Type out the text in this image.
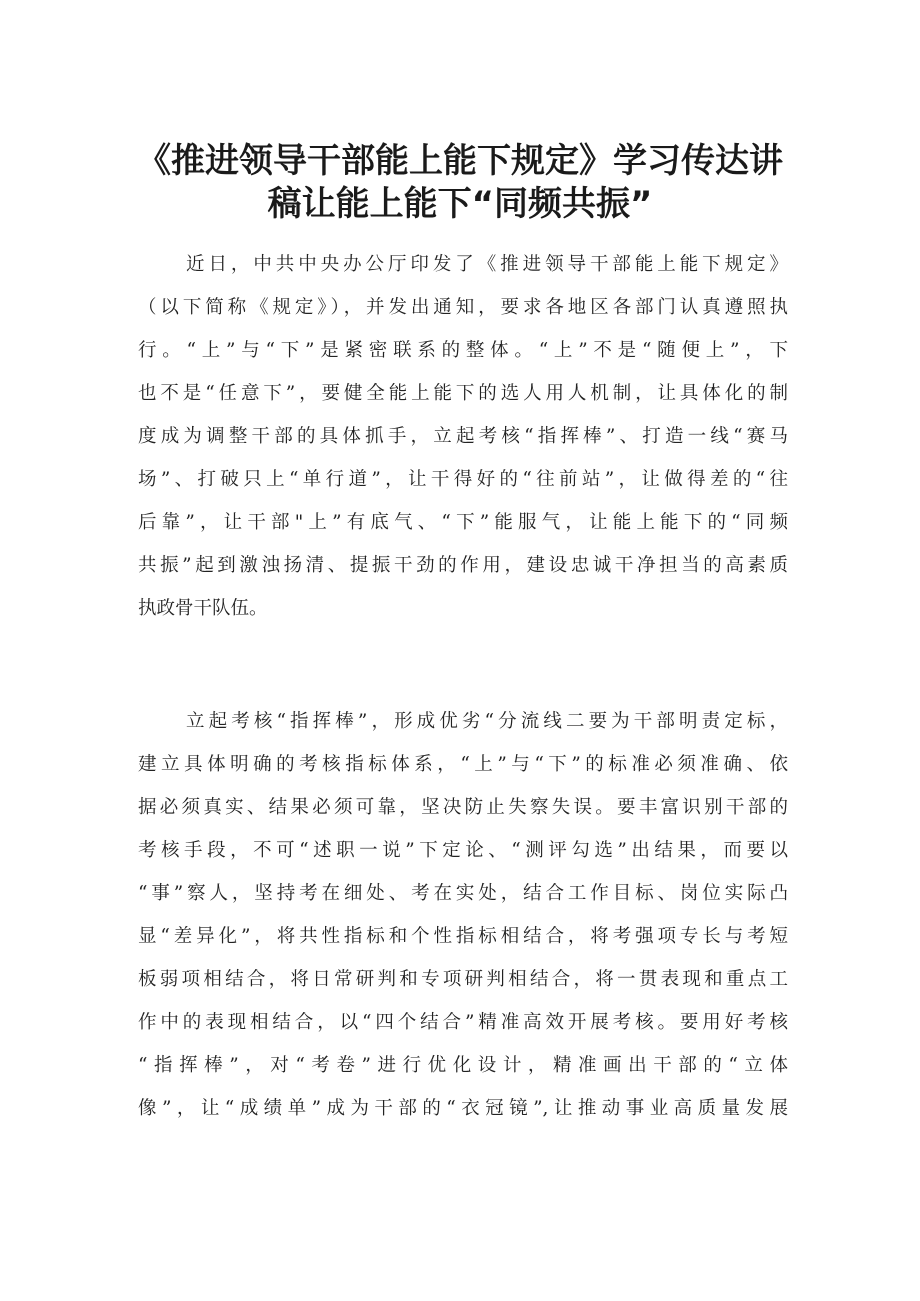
《推进领导干部能上能下规定》学习传达讲
稿让能上能下“同频共振”
近日，中共中央办公厅印发了《推进领导干部能上能下规定》
（以下简称《规定》），并发出通知，要求各地区各部门认真遵照执
行。“上”与“下”是紧密联系的整体。“上”不是“随便上”，下
也不是“任意下”，要健全能上能下的选人用人机制，让具体化的制
度成为调整干部的具体抓手，立起考核“指挥棒”、打造一线“赛马
场”、打破只上“单行道”，让干得好的“往前站”，让做得差的“往
后靠”，让干部"上”有底气、“下”能服气，让能上能下的“同频
共振”起到激浊扬清、提振干劲的作用，建设忠诚干净担当的高素质
执政骨干队伍。
立起考核“指挥棒”，形成优劣“分流线二要为干部明责定标，
建立具体明确的考核指标体系，“上”与“下”的标准必须准确、依
据必须真实、结果必须可靠，坚决防止失察失误。要丰富识别干部的
考核手段，不可“述职一说”下定论、“测评勾选”出结果，而要以
“事”察人，坚持考在细处、考在实处，结合工作目标、岗位实际凸
显“差异化”，将共性指标和个性指标相结合，将考强项专长与考短
板弱项相结合，将日常研判和专项研判相结合，将一贯表现和重点工
作中的表现相结合，以“四个结合”精准高效开展考核。要用好考核
“指挥棒”，对“考卷”进行优化设计，精准画出干部的“立体
像”，让“成绩单”成为干部的“衣冠镜”,让推动事业高质量发展
